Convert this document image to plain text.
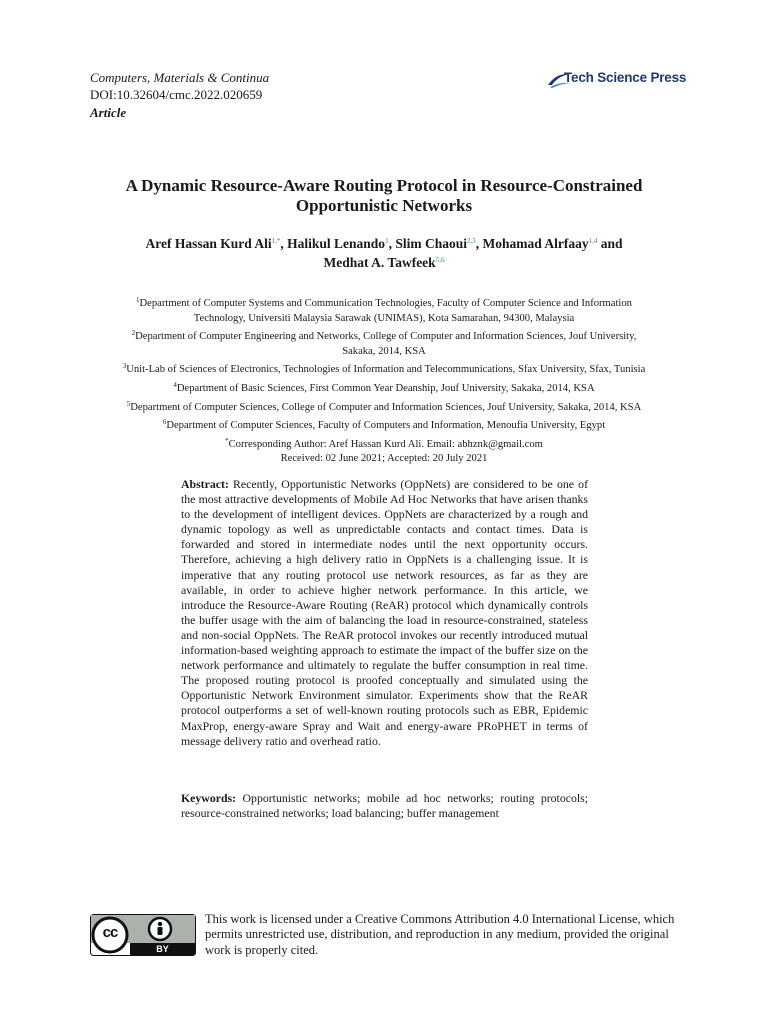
Computers, Materials & Continua
DOI:10.32604/cmc.2022.020659
Article
Tech Science Press
A Dynamic Resource-Aware Routing Protocol in Resource-Constrained
Opportunistic Networks
Aref Hassan Kurd Ali$^{1,*}$, Halikul Lenando$^1$, Slim Chaoui$^{2,3}$, Mohamad Alrfaay$^{1,4}$ and
Medhat A. Tawfeek$^{5,6}$
$^1$Department of Computer Systems and Communication Technologies, Faculty of Computer Science and Information
Technology, Universiti Malaysia Sarawak (UNIMAS), Kota Samarahan, 94300, Malaysia
$^2$Department of Computer Engineering and Networks, College of Computer and Information Sciences, Jouf University,
Sakaka, 2014, KSA
$^3$Unit-Lab of Sciences of Electronics, Technologies of Information and Telecommunications, Sfax University, Sfax, Tunisia
$^4$Department of Basic Sciences, First Common Year Deanship, Jouf University, Sakaka, 2014, KSA
$^5$Department of Computer Sciences, College of Computer and Information Sciences, Jouf University, Sakaka, 2014, KSA
$^6$Department of Computer Sciences, Faculty of Computers and Information, Menoufia University, Egypt
*Corresponding Author: Aref Hassan Kurd Ali. Email: abhznk@gmail.com
Received: 02 June 2021; Accepted: 20 July 2021
Abstract: Recently, Opportunistic Networks (OppNets) are considered to be one of the most attractive developments of Mobile Ad Hoc Networks that have arisen thanks to the development of intelligent devices. OppNets are characterized by a rough and dynamic topology as well as unpredictable contacts and contact times. Data is forwarded and stored in intermediate nodes until the next opportunity occurs. Therefore, achieving a high delivery ratio in OppNets is a challenging issue. It is imperative that any routing protocol use network resources, as far as they are available, in order to achieve higher network performance. In this article, we introduce the Resource-Aware Routing (ReAR) protocol which dynamically controls the buffer usage with the aim of balancing the load in resource-constrained, stateless and non-social OppNets. The ReAR protocol invokes our recently introduced mutual information-based weighting approach to estimate the impact of the buffer size on the network performance and ultimately to regulate the buffer consumption in real time. The proposed routing protocol is proofed conceptually and simulated using the Opportunistic Network Environment simulator. Experiments show that the ReAR protocol outperforms a set of well-known routing protocols such as EBR, Epidemic MaxProp, energy-aware Spray and Wait and energy-aware PRoPHET in terms of message delivery ratio and overhead ratio.
Keywords: Opportunistic networks; mobile ad hoc networks; routing protocols; resource-constrained networks; load balancing; buffer management
cc
BY
This work is licensed under a Creative Commons Attribution 4.0 International License, which permits unrestricted use, distribution, and reproduction in any medium, provided the original work is properly cited.
